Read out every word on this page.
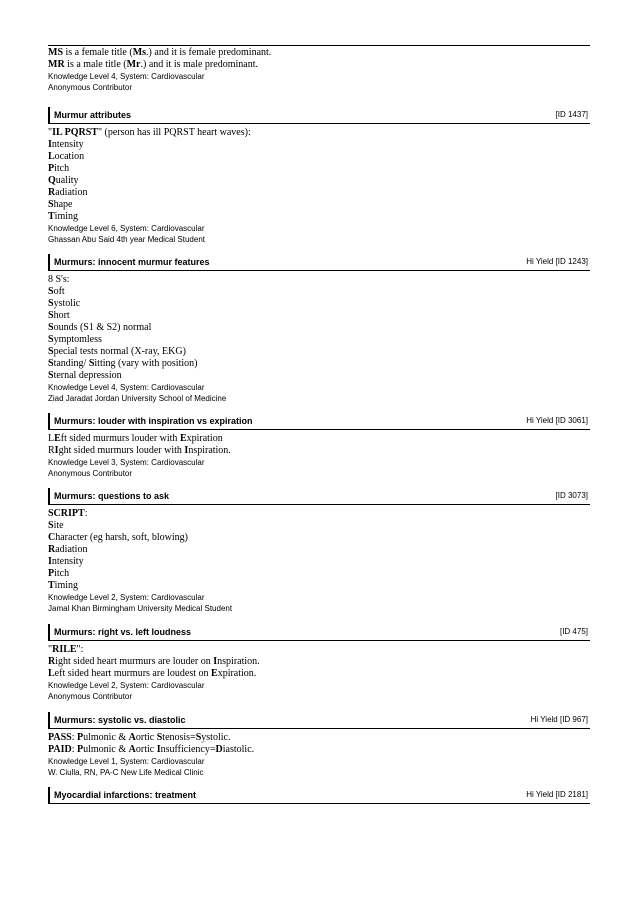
MS is a female title (Ms.) and it is female predominant.
MR is a male title (Mr.) and it is male predominant.
Knowledge Level 4, System: Cardiovascular
Anonymous Contributor
Murmur attributes	[ID 1437]
"IL PQRST" (person has ill PQRST heart waves):
Intensity
Location
Pitch
Quality
Radiation
Shape
Timing
Knowledge Level 6, System: Cardiovascular
Ghassan Abu Said 4th year Medical Student
Murmurs: innocent murmur features	Hi Yield [ID 1243]
8 S's:
Soft
Systolic
Short
Sounds (S1 & S2) normal
Symptomless
Special tests normal (X-ray, EKG)
Standing/ Sitting (vary with position)
Sternal depression
Knowledge Level 4, System: Cardiovascular
Ziad Jaradat Jordan University School of Medicine
Murmurs: louder with inspiration vs expiration	Hi Yield [ID 3061]
LEft sided murmurs louder with Expiration
RIght sided murmurs louder with Inspiration.
Knowledge Level 3, System: Cardiovascular
Anonymous Contributor
Murmurs: questions to ask	[ID 3073]
SCRIPT:
Site
Character (eg harsh, soft, blowing)
Radiation
Intensity
Pitch
Timing
Knowledge Level 2, System: Cardiovascular
Jamal Khan Birmingham University Medical Student
Murmurs: right vs. left loudness	[ID 475]
"RILE":
Right sided heart murmurs are louder on Inspiration.
Left sided heart murmurs are loudest on Expiration.
Knowledge Level 2, System: Cardiovascular
Anonymous Contributor
Murmurs: systolic vs. diastolic	Hi Yield [ID 967]
PASS: Pulmonic & Aortic Stenosis=Systolic.
PAID: Pulmonic & Aortic Insufficiency=Diastolic.
Knowledge Level 1, System: Cardiovascular
W. Ciulla, RN, PA-C New Life Medical Clinic
Myocardial infarctions: treatment	Hi Yield [ID 2181]
